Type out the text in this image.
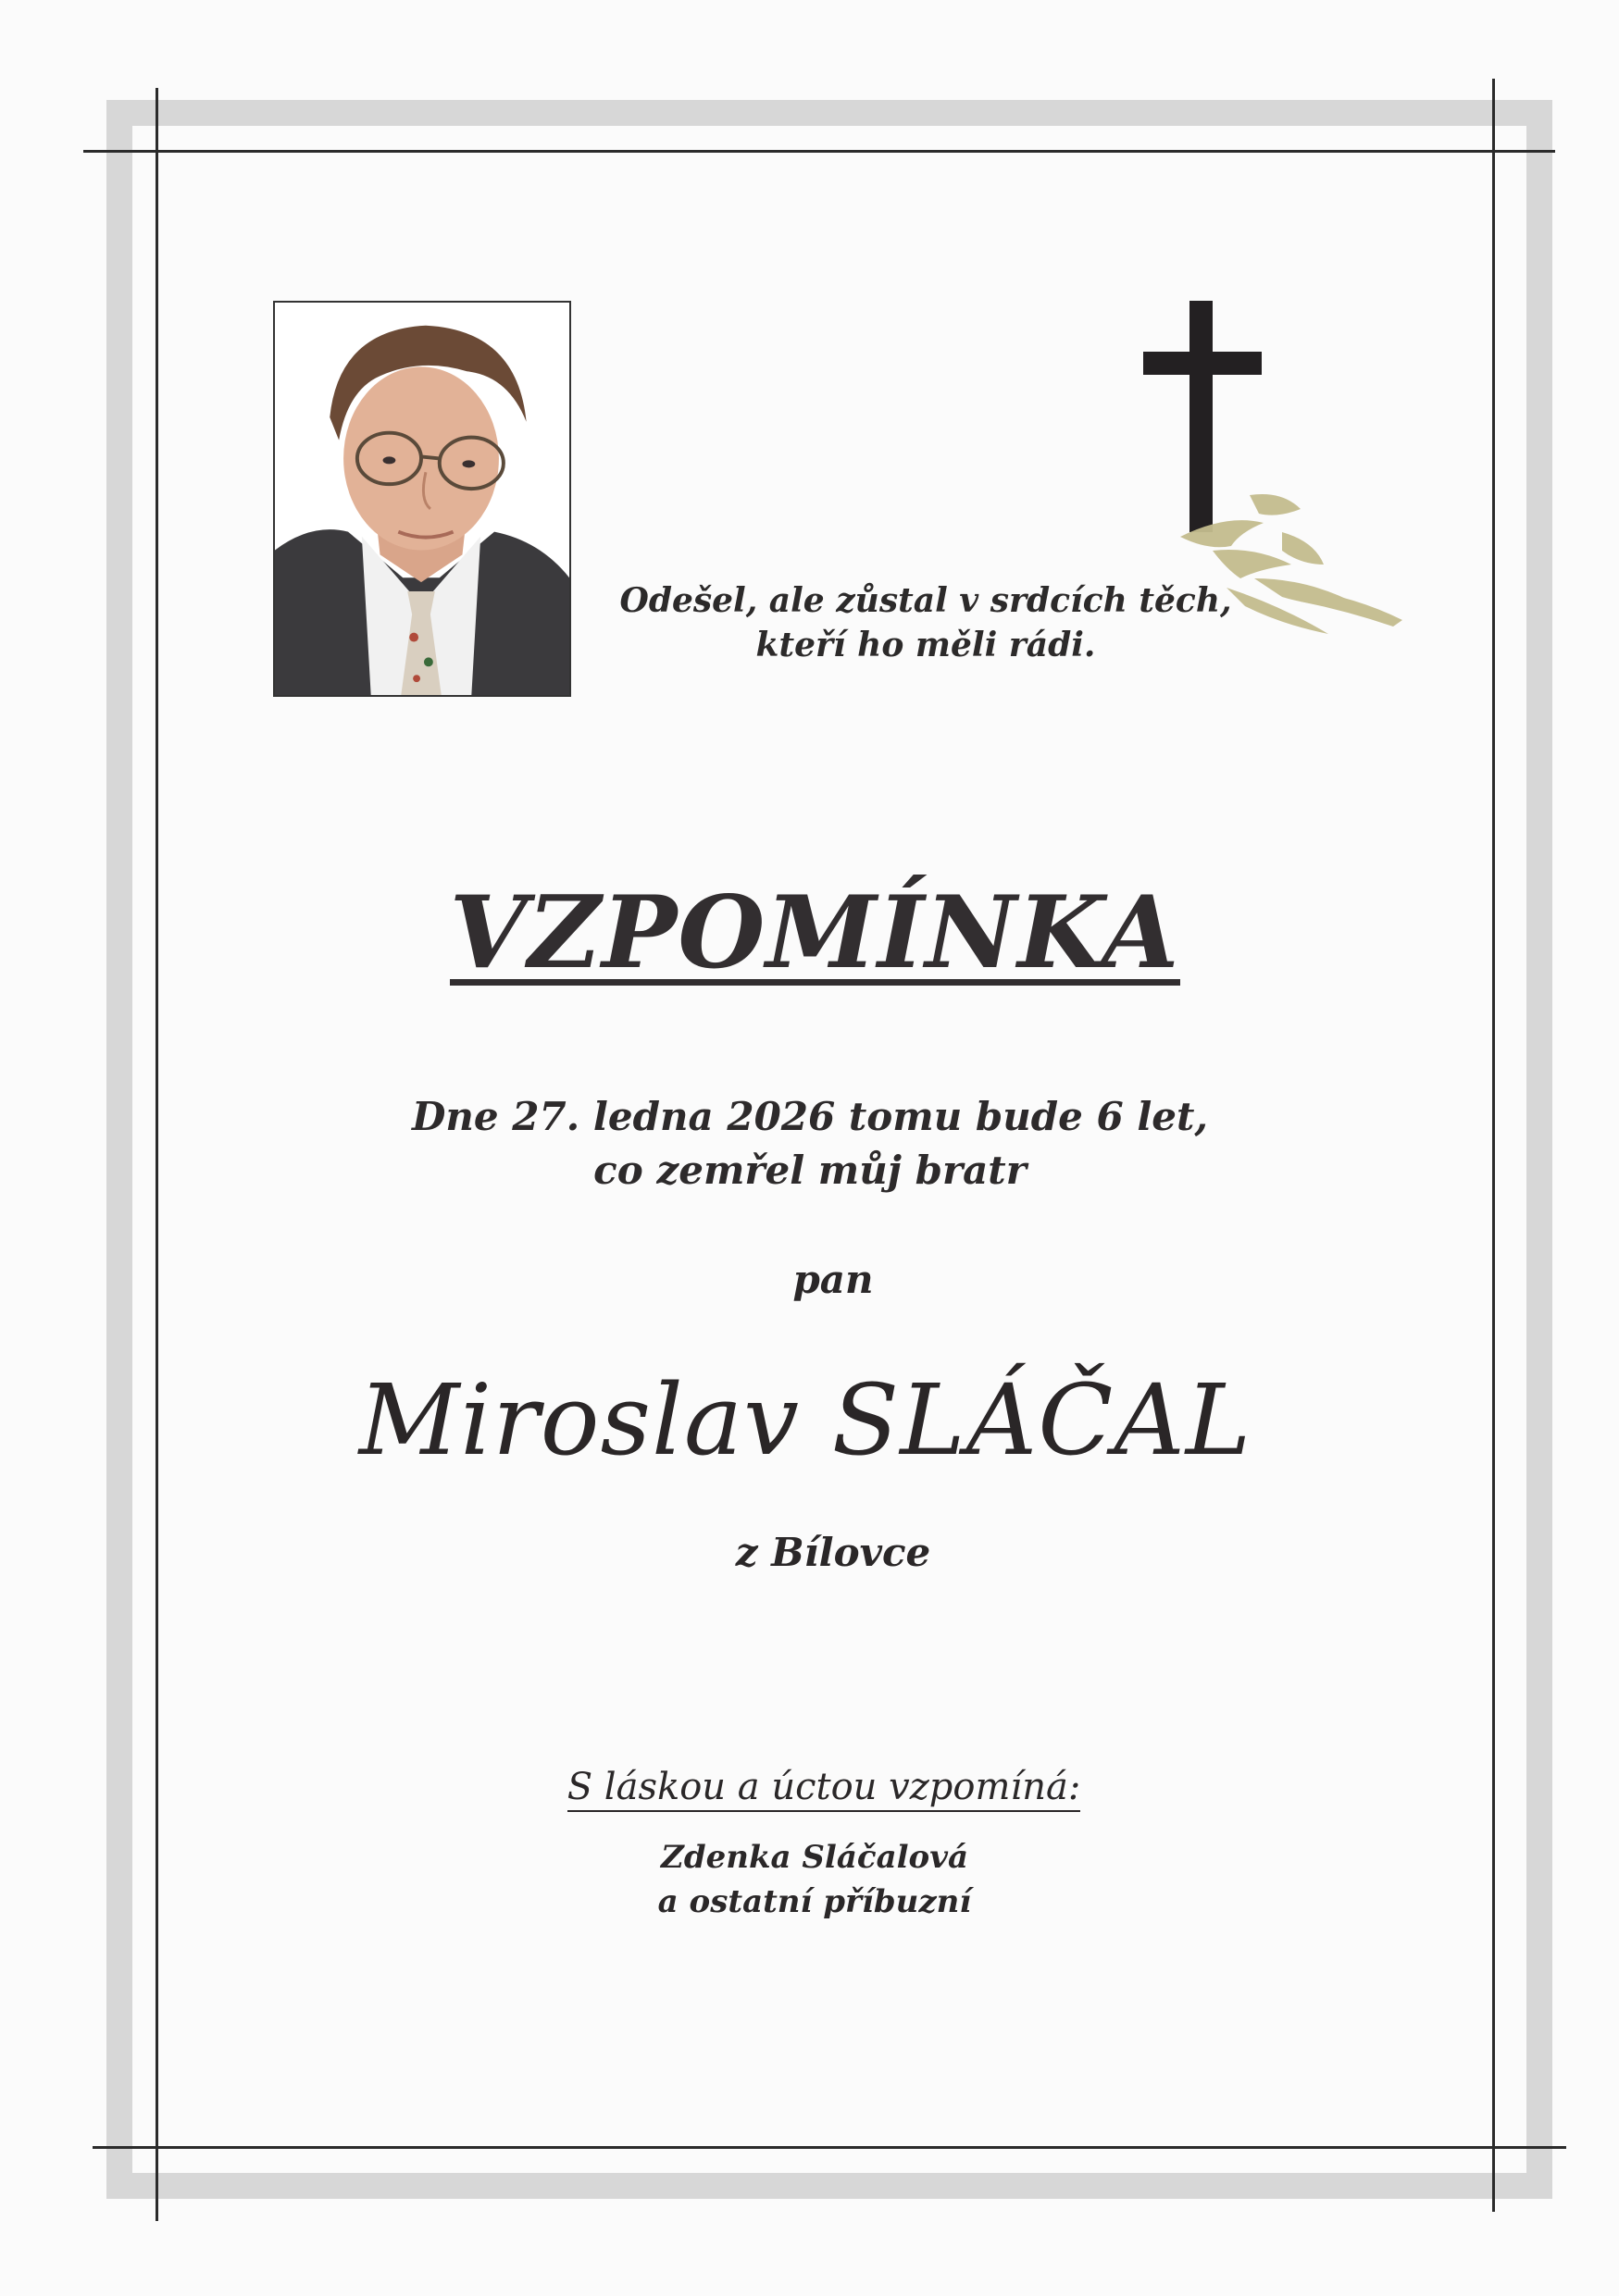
Odešel, ale zůstal v srdcích těch,
kteří ho měli rádi.
VZPOMÍNKA
Dne 27. ledna 2026 tomu bude 6 let,
co zemřel můj bratr
pan
Miroslav SLÁČAL
z Bílovce
S láskou a úctou vzpomíná:
Zdenka Sláčalová
a ostatní příbuzní
